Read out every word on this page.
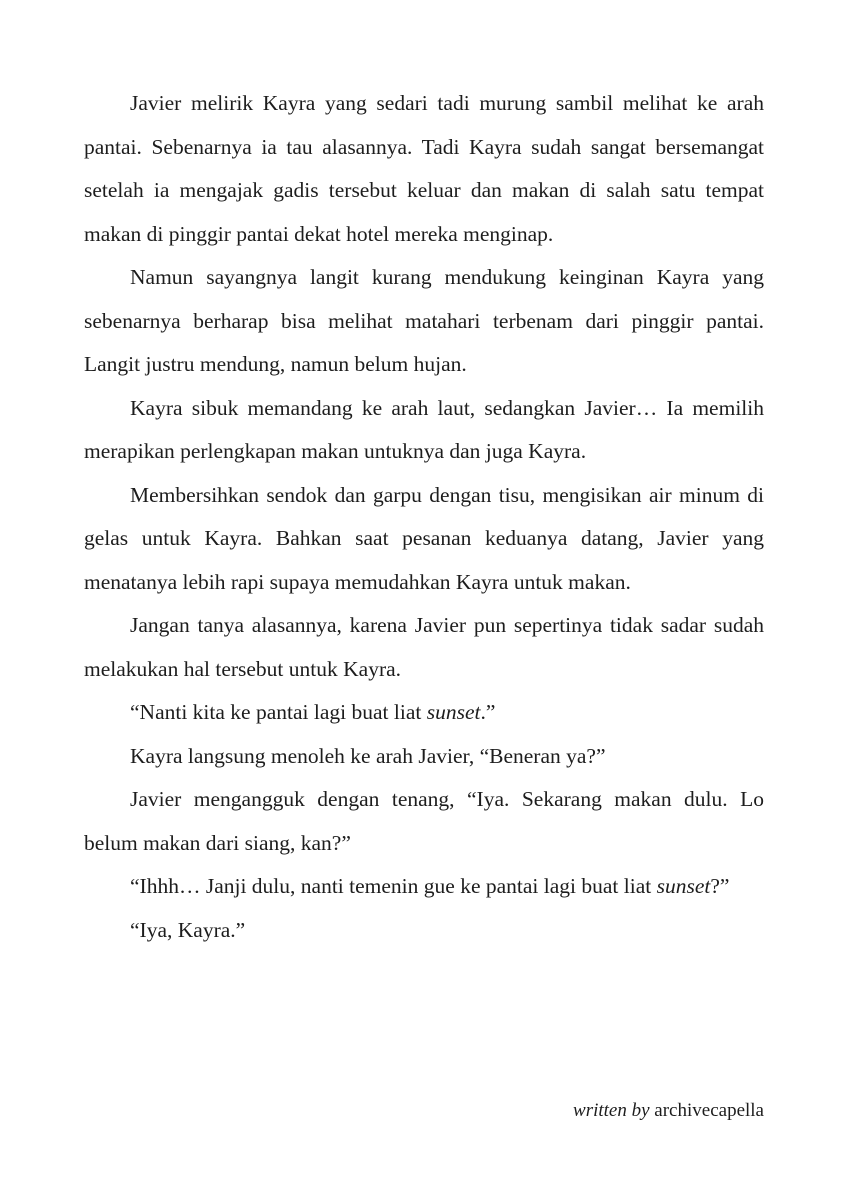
Javier melirik Kayra yang sedari tadi murung sambil melihat ke arah pantai. Sebenarnya ia tau alasannya. Tadi Kayra sudah sangat bersemangat setelah ia mengajak gadis tersebut keluar dan makan di salah satu tempat makan di pinggir pantai dekat hotel mereka menginap.

Namun sayangnya langit kurang mendukung keinginan Kayra yang sebenarnya berharap bisa melihat matahari terbenam dari pinggir pantai. Langit justru mendung, namun belum hujan.

Kayra sibuk memandang ke arah laut, sedangkan Javier… Ia memilih merapikan perlengkapan makan untuknya dan juga Kayra.

Membersihkan sendok dan garpu dengan tisu, mengisikan air minum di gelas untuk Kayra. Bahkan saat pesanan keduanya datang, Javier yang menatanya lebih rapi supaya memudahkan Kayra untuk makan.

Jangan tanya alasannya, karena Javier pun sepertinya tidak sadar sudah melakukan hal tersebut untuk Kayra.

“Nanti kita ke pantai lagi buat liat sunset.”

Kayra langsung menoleh ke arah Javier, “Beneran ya?”

Javier mengangguk dengan tenang, “Iya. Sekarang makan dulu. Lo belum makan dari siang, kan?”

“Ihhh… Janji dulu, nanti temenin gue ke pantai lagi buat liat sunset?”

“Iya, Kayra.”

written by archivecapella
